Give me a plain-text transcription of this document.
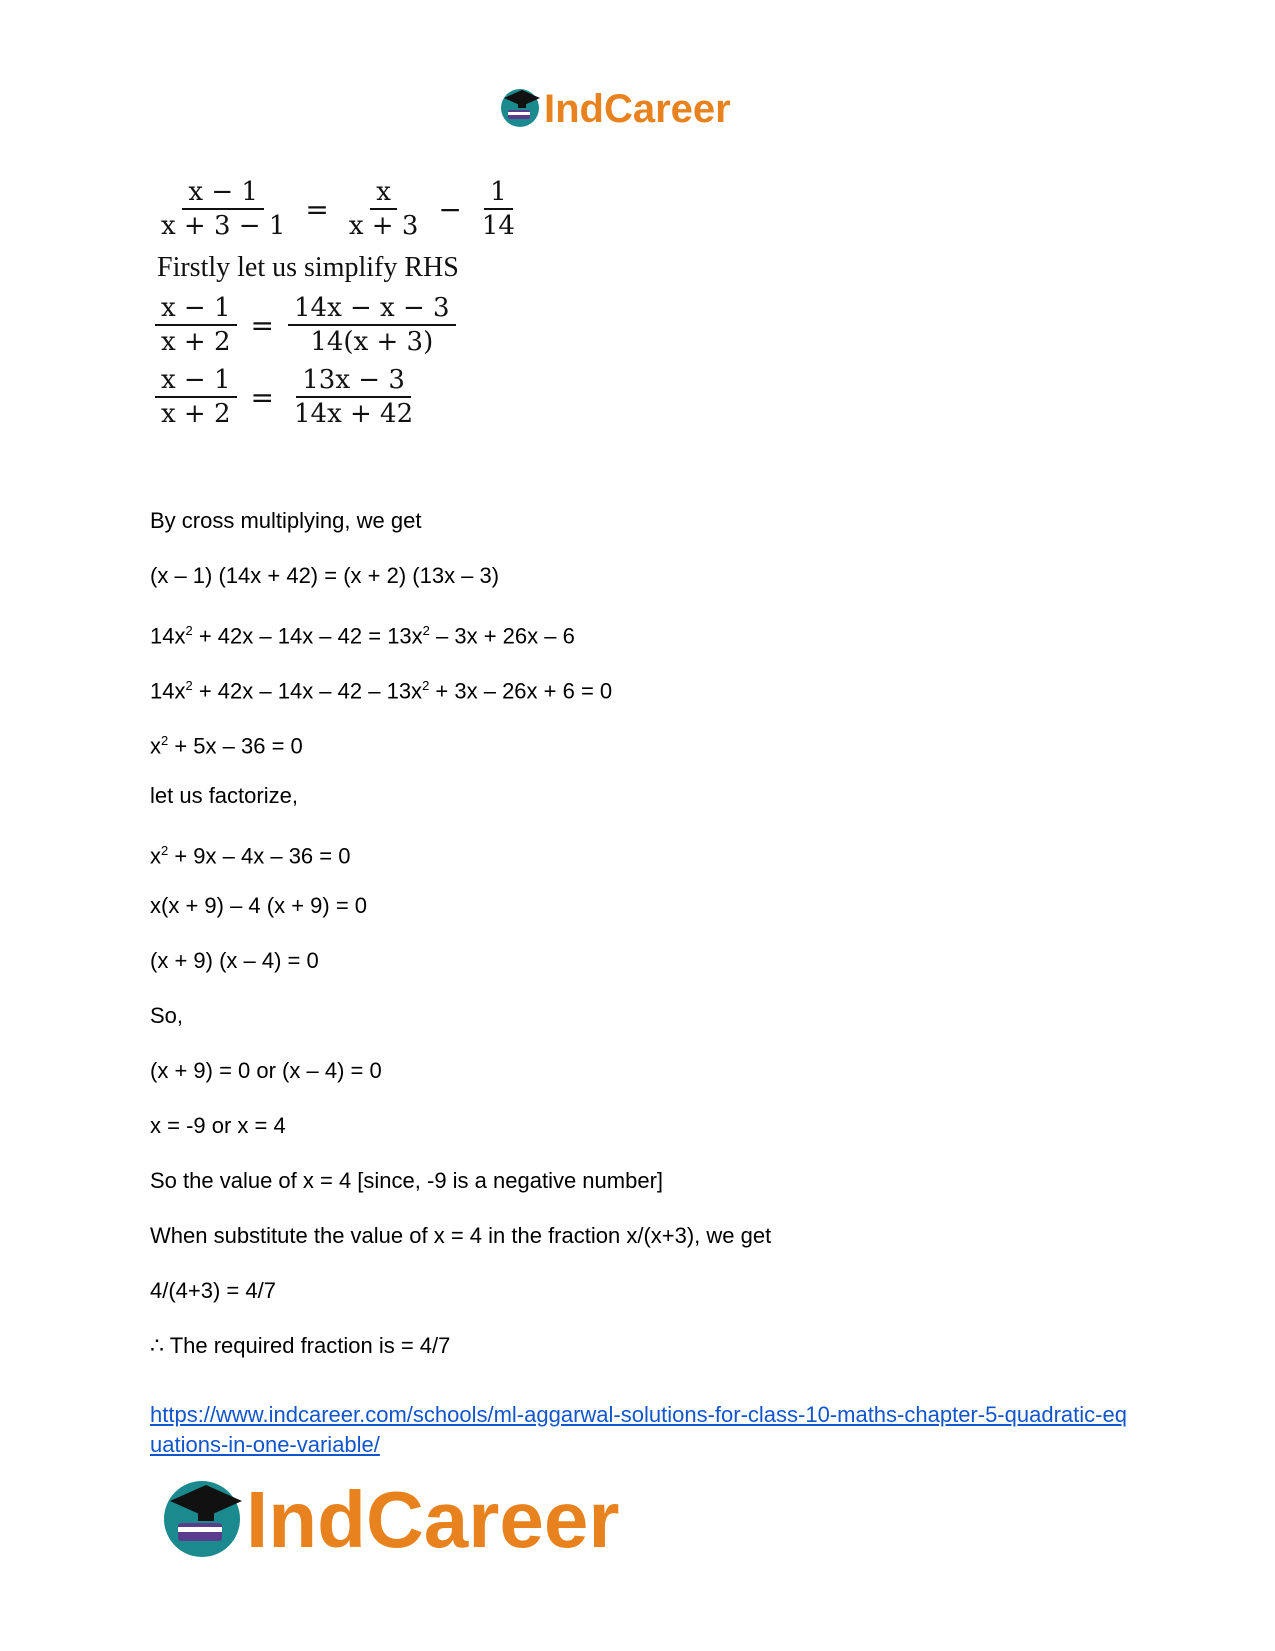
IndCareer
$\frac{x - 1}{x + 3 - 1} = \frac{x}{x + 3} - \frac{1}{14}$
Firstly let us simplify RHS
$\frac{x - 1}{x + 2} = \frac{14x - x - 3}{14(x + 3)}$
$\frac{x - 1}{x + 2} = \frac{13x - 3}{14x + 42}$
By cross multiplying, we get
(x – 1) (14x + 42) = (x + 2) (13x – 3)
$14x^2 + 42x - 14x - 42 = 13x^2 - 3x + 26x - 6$
$14x^2 + 42x - 14x - 42 - 13x^2 + 3x - 26x + 6 = 0$
$x^2 + 5x - 36 = 0$
let us factorize,
$x^2 + 9x - 4x - 36 = 0$
x(x + 9) – 4 (x + 9) = 0
(x + 9) (x – 4) = 0
So,
(x + 9) = 0 or (x – 4) = 0
x = -9 or x = 4
So the value of x = 4 [since, -9 is a negative number]
When substitute the value of x = 4 in the fraction x/(x+3), we get
4/(4+3) = 4/7
∴ The required fraction is = 4/7
https://www.indcareer.com/schools/ml-aggarwal-solutions-for-class-10-maths-chapter-5-quadratic-equations-in-one-variable/
IndCareer
